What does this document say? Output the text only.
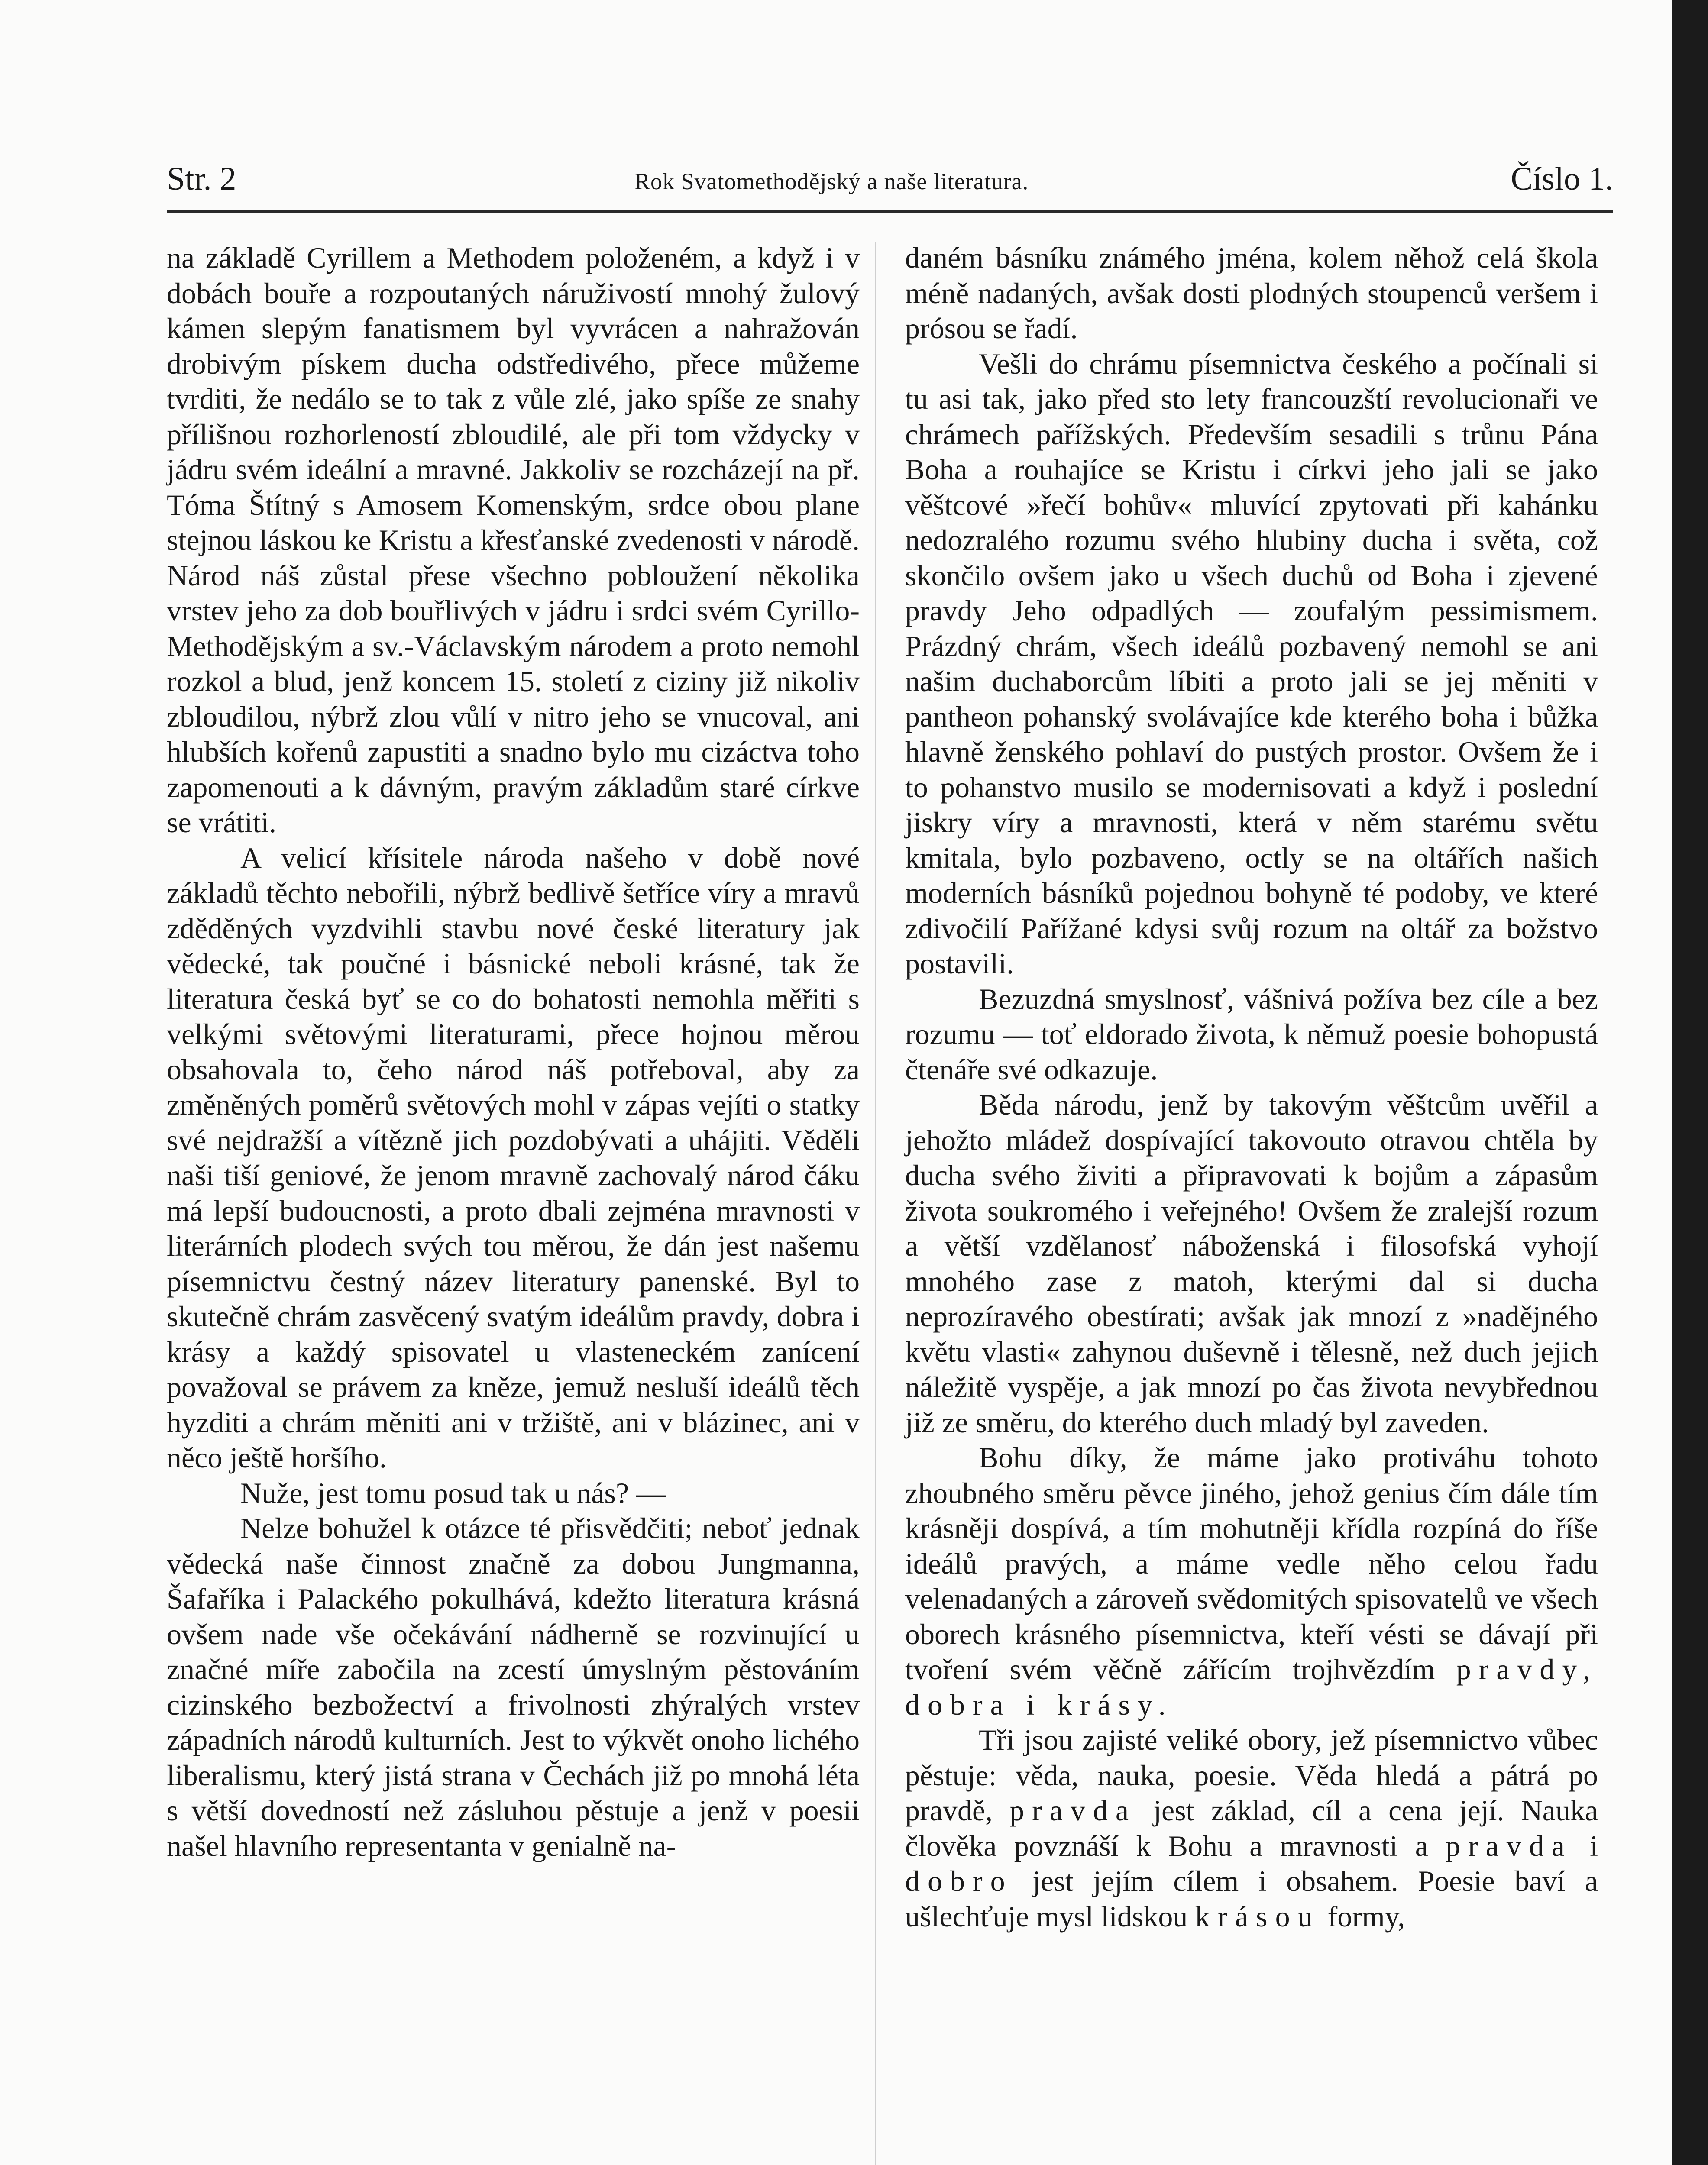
Str. 2	Rok Svatomethodějský a naše literatura.	Číslo 1.

na základě Cyrillem a Methodem položeném, a když i v dobách bouře a rozpoutaných náruživostí mnohý žulový kámen slepým fanatismem byl vyvrácen a nahražován drobivým pískem ducha odstředivého, přece můžeme tvrditi, že nedálo se to tak z vůle zlé, jako spíše ze snahy přílišnou rozhorleností zbloudilé, ale při tom vždycky v jádru svém ideální a mravné. Jakkoliv se rozcházejí na př. Tóma Štítný s Amosem Komenským, srdce obou plane stejnou láskou ke Kristu a křesťanské zvedenosti v národě. Národ náš zůstal přese všechno pobloužení několika vrstev jeho za dob bouřlivých v jádru i srdci svém Cyrillo-Methodějským a sv.-Václavským národem a proto nemohl rozkol a blud, jenž koncem 15. století z ciziny již nikoliv zbloudilou, nýbrž zlou vůlí v nitro jeho se vnucoval, ani hlubších kořenů zapustiti a snadno bylo mu cizáctva toho zapomenouti a k dávným, pravým základům staré církve se vrátiti.

A velicí křísitele národa našeho v době nové základů těchto nebořili, nýbrž bedlivě šetříce víry a mravů zděděných vyzdvihli stavbu nové české literatury jak vědecké, tak poučné i básnické neboli krásné, tak že literatura česká byť se co do bohatosti nemohla měřiti s velkými světovými literaturami, přece hojnou měrou obsahovala to, čeho národ náš potřeboval, aby za změněných poměrů světových mohl v zápas vejíti o statky své nejdražší a vítězně jich pozdobývati a uhájiti. Věděli naši tiší geniové, že jenom mravně zachovalý národ čáku má lepší budoucnosti, a proto dbali zejména mravnosti v literárních plodech svých tou měrou, že dán jest našemu písemnictvu čestný název literatury panenské. Byl to skutečně chrám zasvěcený svatým ideálům pravdy, dobra i krásy a každý spisovatel u vlasteneckém zanícení považoval se právem za kněze, jemuž nesluší ideálů těch hyzditi a chrám měniti ani v tržiště, ani v blázinec, ani v něco ještě horšího.

Nuže, jest tomu posud tak u nás? —

Nelze bohužel k otázce té přisvědčiti; neboť jednak vědecká naše činnost značně za dobou Jungmanna, Šafaříka i Palackého pokulhává, kdežto literatura krásná ovšem nade vše očekávání nádherně se rozvinující u značné míře zabočila na zcestí úmyslným pěstováním cizinského bezbožectví a frivolnosti zhýralých vrstev západních národů kulturních. Jest to výkvět onoho lichého liberalismu, který jistá strana v Čechách již po mnohá léta s větší dovedností než zásluhou pěstuje a jenž v poesii našel hlavního representanta v genialně na-

daném básníku známého jména, kolem něhož celá škola méně nadaných, avšak dosti plodných stoupenců veršem i prósou se řadí.

Vešli do chrámu písemnictva českého a počínali si tu asi tak, jako před sto lety francouzští revolucionaři ve chrámech pařížských. Především sesadili s trůnu Pána Boha a rouhajíce se Kristu i církvi jeho jali se jako věštcové »řečí bohův« mluvící zpytovati při kahánku nedozralého rozumu svého hlubiny ducha i světa, což skončilo ovšem jako u všech duchů od Boha i zjevené pravdy Jeho odpadlých — zoufalým pessimismem. Prázdný chrám, všech ideálů pozbavený nemohl se ani našim duchaborcům líbiti a proto jali se jej měniti v pantheon pohanský svolávajíce kde kterého boha i bůžka hlavně ženského pohlaví do pustých prostor. Ovšem že i to pohanstvo musilo se modernisovati a když i poslední jiskry víry a mravnosti, která v něm starému světu kmitala, bylo pozbaveno, octly se na oltářích našich moderních básníků pojednou bohyně té podoby, ve které zdivočilí Pařížané kdysi svůj rozum na oltář za božstvo postavili.

Bezuzdná smyslnosť, vášnivá požíva bez cíle a bez rozumu — toť eldorado života, k němuž poesie bohopustá čtenáře své odkazuje.

Běda národu, jenž by takovým věštcům uvěřil a jehožto mládež dospívající takovouto otravou chtěla by ducha svého živiti a připravovati k bojům a zápasům života soukromého i veřejného! Ovšem že zralejší rozum a větší vzdělanosť náboženská i filosofská vyhojí mnohého zase z matoh, kterými dal si ducha neprozíravého obestírati; avšak jak mnozí z »nadějného květu vlasti« zahynou duševně i tělesně, než duch jejich náležitě vyspěje, a jak mnozí po čas života nevybřednou již ze směru, do kterého duch mladý byl zaveden.

Bohu díky, že máme jako protiváhu tohoto zhoubného směru pěvce jiného, jehož genius čím dále tím krásněji dospívá, a tím mohutněji křídla rozpíná do říše ideálů pravých, a máme vedle něho celou řadu velenadaných a zároveň svědomitých spisovatelů ve všech oborech krásného písemnictva, kteří vésti se dávají při tvoření svém věčně zářícím trojhvězdím pravdy, dobra i krásy.

Tři jsou zajisté veliké obory, jež písemnictvo vůbec pěstuje: věda, nauka, poesie. Věda hledá a pátrá po pravdě, pravda jest základ, cíl a cena její. Nauka člověka povznáší k Bohu a mravnosti a pravda i dobro jest jejím cílem i obsahem. Poesie baví a ušlechťuje mysl lidskou krásou formy,
